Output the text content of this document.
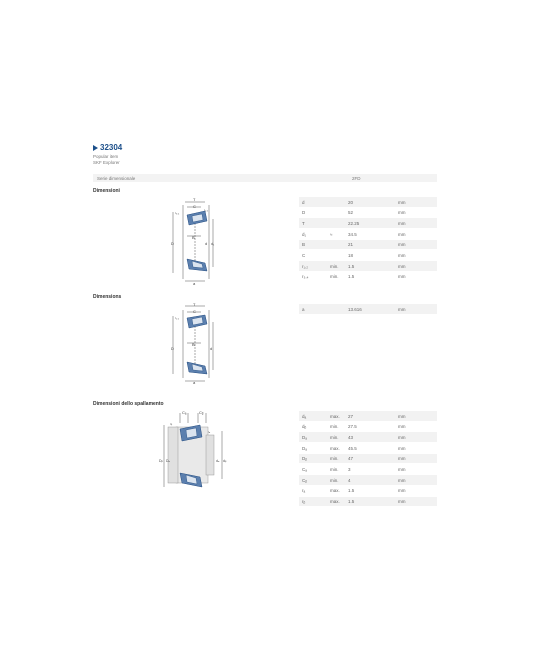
32304
Popular item
SKF Explorer
Serie dimensionale	2FD
Dimensioni
T
C
r₃,₄
r₁,₂
D	d d₁
B
a
d	20	mm
D	52	mm
T	22.25	mm
d₁	≈	34.5	mm
B	21	mm
C	18	mm
r₁,₂	min. 1.5	mm
r₃,₄	min. 1.5	mm
Dimensions
T
C
r₁,₂
D	d
B
a
a	13.616	mm
Dimensioni dello spallamento
Cₐ	Cᵦ
Dᵦ Dₐ	dₐ dᵦ
rᵦ
rₐ
dₐ	max. 27	mm
dᵦ	min. 27.5	mm
Dₐ	min. 43	mm
Dₐ	max. 45.5	mm
Dᵦ	min. 47	mm
Cₐ	min. 3	mm
Cᵦ	min. 4	mm
rₐ	max. 1.5	mm
rᵦ	max. 1.5	mm
